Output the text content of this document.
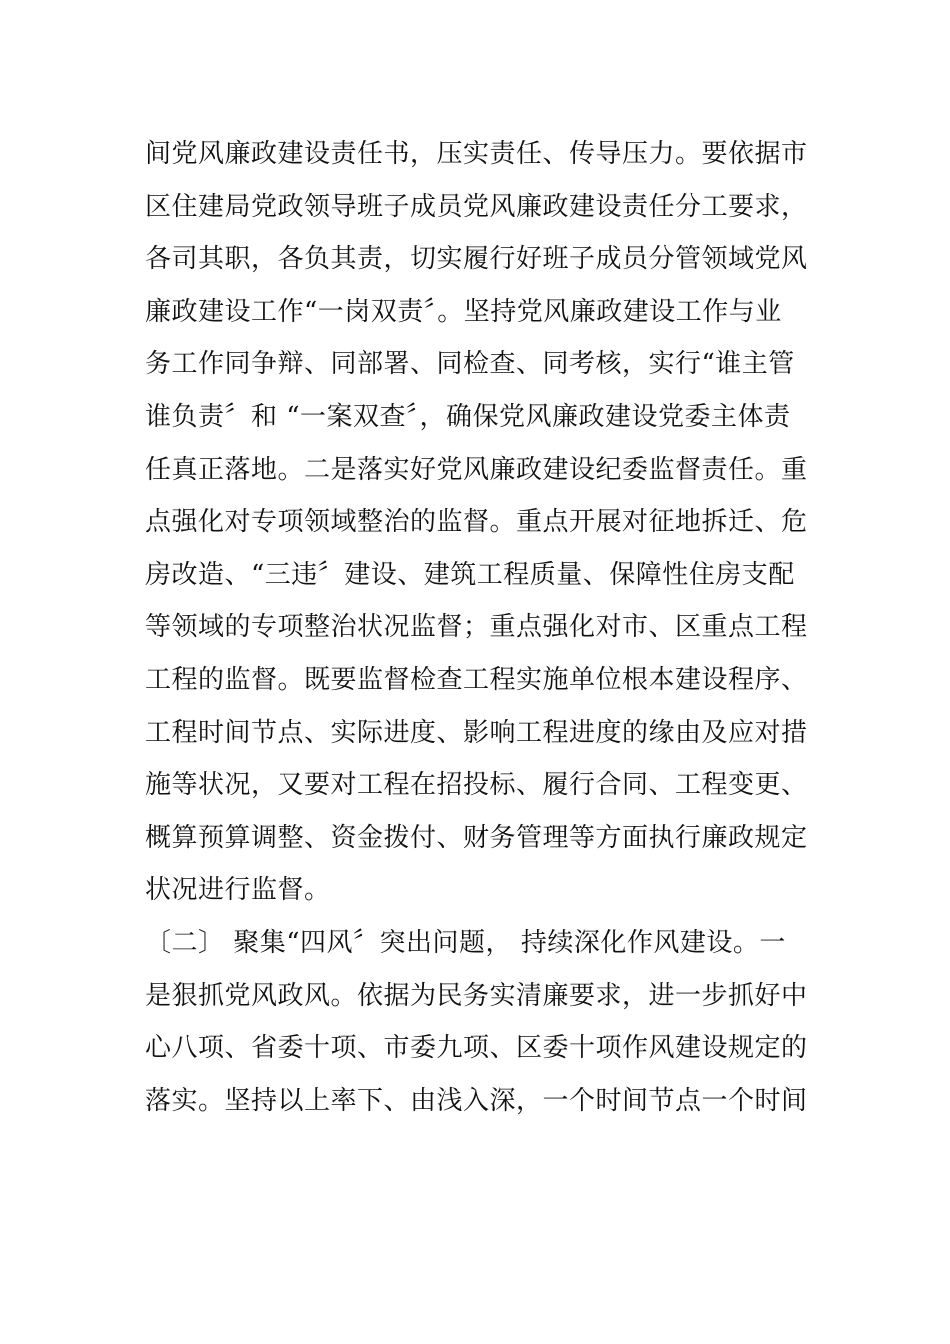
间党风廉政建设责任书，压实责任、传导压力。要依据市
区住建局党政领导班子成员党风廉政建设责任分工要求，
各司其职，各负其责，切实履行好班子成员分管领域党风
廉政建设工作“一岗双责〞。坚持党风廉政建设工作与业
务工作同争辩、同部署、同检查、同考核，实行“谁主管
谁负责〞和 “一案双查〞，确保党风廉政建设党委主体责
任真正落地。二是落实好党风廉政建设纪委监督责任。重
点强化对专项领域整治的监督。重点开展对征地拆迁、危
房改造、“三违〞建设、建筑工程质量、保障性住房支配
等领域的专项整治状况监督；重点强化对市、区重点工程
工程的监督。既要监督检查工程实施单位根本建设程序、
工程时间节点、实际进度、影响工程进度的缘由及应对措
施等状况，又要对工程在招投标、履行合同、工程变更、
概算预算调整、资金拨付、财务管理等方面执行廉政规定
状况进行监督。
〔二〕 聚集“四风〞突出问题， 持续深化作风建设。一
是狠抓党风政风。依据为民务实清廉要求，进一步抓好中
心八项、省委十项、市委九项、区委十项作风建设规定的
落实。坚持以上率下、由浅入深，一个时间节点一个时间
